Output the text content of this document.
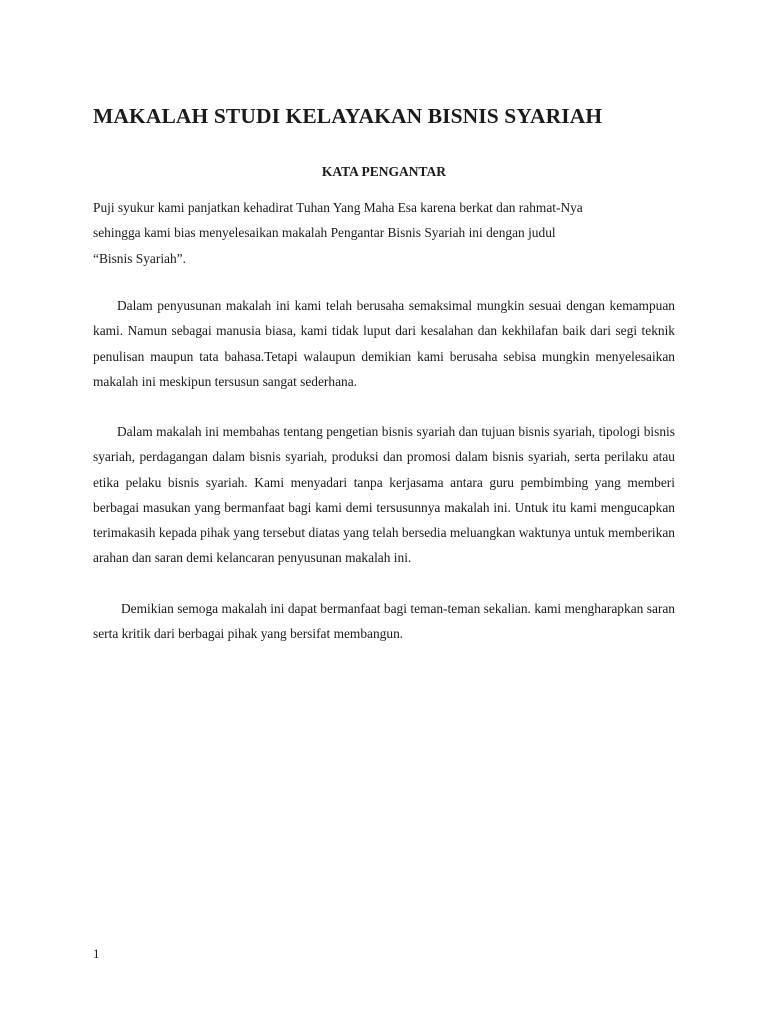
MAKALAH STUDI KELAYAKAN BISNIS SYARIAH
KATA PENGANTAR

Puji syukur kami panjatkan kehadirat Tuhan Yang Maha Esa karena berkat dan rahmat-Nya
sehingga kami bias menyelesaikan makalah Pengantar Bisnis Syariah ini dengan judul
“Bisnis Syariah”.

Dalam penyusunan makalah ini kami telah berusaha semaksimal mungkin sesuai dengan kemampuan kami. Namun sebagai manusia biasa, kami tidak luput dari kesalahan dan kekhilafan baik dari segi teknik penulisan maupun tata bahasa.Tetapi walaupun demikian kami berusaha sebisa mungkin menyelesaikan makalah ini meskipun tersusun sangat sederhana.

Dalam makalah ini membahas tentang pengetian bisnis syariah dan tujuan bisnis syariah, tipologi bisnis syariah, perdagangan dalam bisnis syariah, produksi dan promosi dalam bisnis syariah, serta perilaku atau etika pelaku bisnis syariah. Kami menyadari tanpa kerjasama antara guru pembimbing yang memberi berbagai masukan yang bermanfaat bagi kami demi tersusunnya makalah ini. Untuk itu kami mengucapkan terimakasih kepada pihak yang tersebut diatas yang telah bersedia meluangkan waktunya untuk memberikan arahan dan saran demi kelancaran penyusunan makalah ini.

Demikian semoga makalah ini dapat bermanfaat bagi teman-teman sekalian. kami mengharapkan saran serta kritik dari berbagai pihak yang bersifat membangun.

1
